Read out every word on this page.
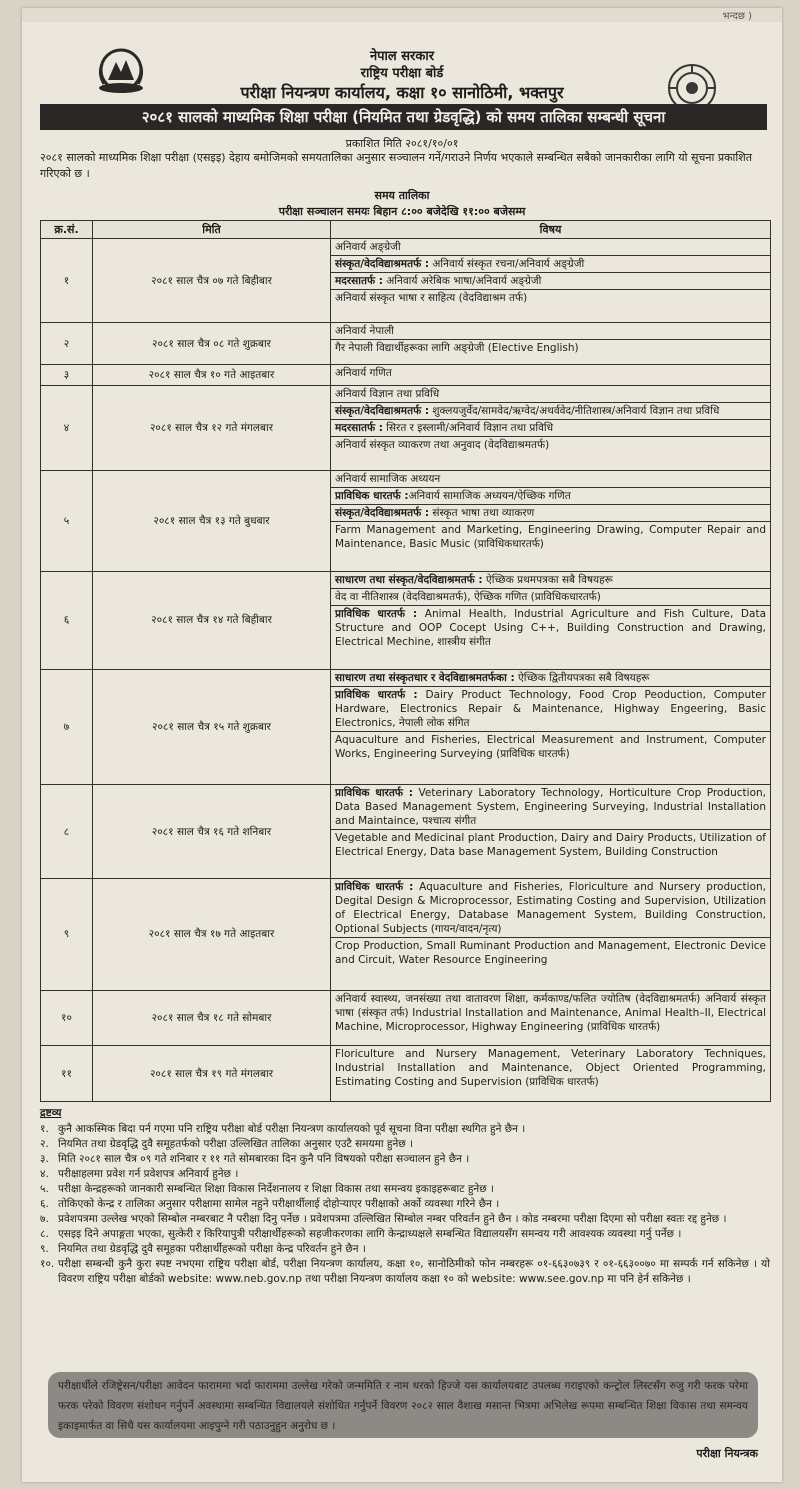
भन्दछ )
नेपाल सरकार
राष्ट्रिय परीक्षा बोर्ड
परीक्षा नियन्त्रण कार्यालय, कक्षा १० सानोठिमी, भक्तपुर
२०८१ सालको माध्यमिक शिक्षा परीक्षा (नियमित तथा ग्रेडवृद्धि) को समय तालिका सम्बन्धी सूचना
प्रकाशित मिति २०८१/१०/०१
२०८१ सालको माध्यमिक शिक्षा परीक्षा (एसइइ) देहाय बमोजिमको समयतालिका अनुसार सञ्चालन गर्ने/गराउने निर्णय भएकाले सम्बन्धित सबैको जानकारीका लागि यो सूचना प्रकाशित गरिएको छ ।
समय तालिका
परीक्षा सञ्चालन समयः बिहान ८:०० बजेदेखि ११:०० बजेसम्म
क्र.सं.	मिति	विषय
१	२०८१ साल चैत्र ०७ गते बिहीबार	अनिवार्य अङ्ग्रेजी
संस्कृत/वेदविद्याश्रमतर्फ : अनिवार्य संस्कृत रचना/अनिवार्य अङ्ग्रेजी
मदरसातर्फ : अनिवार्य अरेबिक भाषा/अनिवार्य अङ्ग्रेजी
अनिवार्य संस्कृत भाषा र साहित्य (वेदविद्याश्रम तर्फ)

२	२०८१ साल चैत्र ०८ गते शुक्रबार	अनिवार्य नेपाली
गैर नेपाली विद्यार्थीहरूका लागि अङ्ग्रेजी (Elective English)

३	२०८१ साल चैत्र १० गते आइतबार	अनिवार्य गणित

४	२०८१ साल चैत्र १२ गते मंगलबार	अनिवार्य विज्ञान तथा प्रविधि
संस्कृत/वेदविद्याश्रमतर्फ : शुक्लयजुर्वेद/सामवेद/ऋग्वेद/अथर्ववेद/नीतिशास्त्र/अनिवार्य विज्ञान तथा प्रविधि
मदरसातर्फ : सिरत र इस्लामी/अनिवार्य विज्ञान तथा प्रविधि
अनिवार्य संस्कृत व्याकरण तथा अनुवाद (वेदविद्याश्रमतर्फ)

५	२०८१ साल चैत्र १३ गते बुधबार	अनिवार्य सामाजिक अध्ययन
प्राविधिक धारतर्फ :अनिवार्य सामाजिक अध्ययन/ऐच्छिक गणित
संस्कृत/वेदविद्याश्रमतर्फ : संस्कृत भाषा तथा व्याकरण
Farm Management and Marketing, Engineering Drawing, Computer Repair and Maintenance, Basic Music (प्राविधिकधारतर्फ)

६	२०८१ साल चैत्र १४ गते बिहीबार	साधारण तथा संस्कृत/वेदविद्याश्रमतर्फ : ऐच्छिक प्रथमपत्रका सबै विषयहरू
वेद वा नीतिशास्त्र (वेदविद्याश्रमतर्फ), ऐच्छिक गणित (प्राविधिकधारतर्फ)
प्राविधिक धारतर्फ : Animal Health, Industrial Agriculture and Fish Culture, Data Structure and OOP Cocept Using C++, Building Construction and Drawing, Electrical Mechine, शास्त्रीय संगीत

७	२०८१ साल चैत्र १५ गते शुक्रबार	साधारण तथा संस्कृतधार र वेदविद्याश्रमतर्फका : ऐच्छिक द्वितीयपत्रका सबै विषयहरू
प्राविधिक धारतर्फ : Dairy Product Technology, Food Crop Peoduction, Computer Hardware, Electronics Repair & Maintenance, Highway Engeering, Basic Electronics, नेपाली लोक संगित
Aquaculture and Fisheries, Electrical Measurement and Instrument, Computer Works, Engineering Surveying (प्राविधिक धारतर्फ)

८	२०८१ साल चैत्र १६ गते शनिबार	प्राविधिक धारतर्फ : Veterinary Laboratory Technology, Horticulture Crop Production, Data Based Management System, Engineering Surveying, Industrial Installation and Maintaince, पश्चात्य संगीत
Vegetable and Medicinal plant Production, Dairy and Dairy Products, Utilization of Electrical Energy, Data base Management System, Building Construction

९	२०८१ साल चैत्र १७ गते आइतबार	प्राविधिक धारतर्फ : Aquaculture and Fisheries, Floriculture and Nursery production, Degital Design & Microprocessor, Estimating Costing and Supervision, Utilization of Electrical Energy, Database Management System, Building Construction, Optional Subjects (गायन/वादन/नृत्य)
Crop Production, Small Ruminant Production and Management, Electronic Device and Circuit, Water Resource Engineering

१०	२०८१ साल चैत्र १८ गते सोमबार	अनिवार्य स्वास्थ्य, जनसंख्या तथा वातावरण शिक्षा, कर्मकाण्ड/फलित ज्योतिष (वेदविद्याश्रमतर्फ) अनिवार्य संस्कृत भाषा (संस्कृत तर्फ) Industrial Installation and Maintenance, Animal Health–II, Electrical Machine, Microprocessor, Highway Engineering (प्राविधिक धारतर्फ)

११	२०८१ साल चैत्र १९ गते मंगलबार	Floriculture and Nursery Management, Veterinary Laboratory Techniques, Industrial Installation and Maintenance, Object Oriented Programming, Estimating Costing and Supervision (प्राविधिक धारतर्फ)
द्रष्टव्य
१. कुनै आकस्मिक बिदा पर्न गएमा पनि राष्ट्रिय परीक्षा बोर्ड परीक्षा नियन्त्रण कार्यालयको पूर्व सूचना विना परीक्षा स्थगित हुने छैन ।
२. नियमित तथा ग्रेडवृद्धि दुवै समूहतर्फको परीक्षा उल्लिखित तालिका अनुसार एउटै समयमा हुनेछ ।
३. मिति २०८१ साल चैत्र ०९ गते शनिबार र ११ गते सोमबारका दिन कुनै पनि विषयको परीक्षा सञ्चालन हुने छैन ।
४. परीक्षाहलमा प्रवेश गर्न प्रवेशपत्र अनिवार्य हुनेछ ।
५. परीक्षा केन्द्रहरूको जानकारी सम्बन्धित शिक्षा विकास निर्देशनालय र शिक्षा विकास तथा समन्वय इकाइहरूबाट हुनेछ ।
६. तोकिएको केन्द्र र तालिका अनुसार परीक्षामा सामेल नहुने परीक्षार्थीलाई दोहोऱ्याएर परीक्षाको अर्को व्यवस्था गरिने छैन ।
७. प्रवेशपत्रमा उल्लेख भएको सिम्बोल नम्बरबाट नै परीक्षा दिनु पर्नेछ । प्रवेशपत्रमा उल्लिखित सिम्बोल नम्बर परिवर्तन हुने छैन । कोड नम्बरमा परीक्षा दिएमा सो परीक्षा स्वतः रद्द हुनेछ ।
८. एसइइ दिने अपाङ्गता भएका, सुत्केरी र किरियापुत्री परीक्षार्थीहरूको सहजीकरणका लागि केन्द्राध्यक्षले सम्बन्धित विद्यालयसँग समन्वय गरी आवश्यक व्यवस्था गर्नु पर्नेछ ।
९. नियमित तथा ग्रेडवृद्धि दुवै समूहका परीक्षार्थीहरूको परीक्षा केन्द्र परिवर्तन हुने छैन ।
१०. परीक्षा सम्बन्धी कुनै कुरा स्पष्ट नभएमा राष्ट्रिय परीक्षा बोर्ड, परीक्षा नियन्त्रण कार्यालय, कक्षा १०, सानोठिमीको फोन नम्बरहरू ०१-६६३०७३९ र ०१-६६३००७० मा सम्पर्क गर्न सकिनेछ । यो विवरण राष्ट्रिय परीक्षा बोर्डको website: www.neb.gov.np तथा परीक्षा नियन्त्रण कार्यालय कक्षा १० को website: www.see.gov.np मा पनि हेर्न सकिनेछ ।
परीक्षार्थीले रजिष्ट्रेसन/परीक्षा आवेदन फाराममा भर्दा फाराममा उल्लेख गरेको जन्ममिति र नाम थरको हिज्जे यस कार्यालयबाट उपलब्ध गराइएको कन्ट्रोल लिस्टसँग रुजु गरी फरक परेमा फरक परेको विवरण संशोधन गर्नुपर्ने अवस्थामा सम्बन्धित विद्यालयले संशोधित गर्नुपर्ने विवरण २०८२ साल वैशाख मसान्त भित्रमा अभिलेख रूपमा सम्बन्धित शिक्षा विकास तथा समन्वय इकाइमार्फत वा सिधै यस कार्यालयमा आइपुग्ने गरी पठाउनुहुन अनुरोध छ ।
परीक्षा नियन्त्रक
